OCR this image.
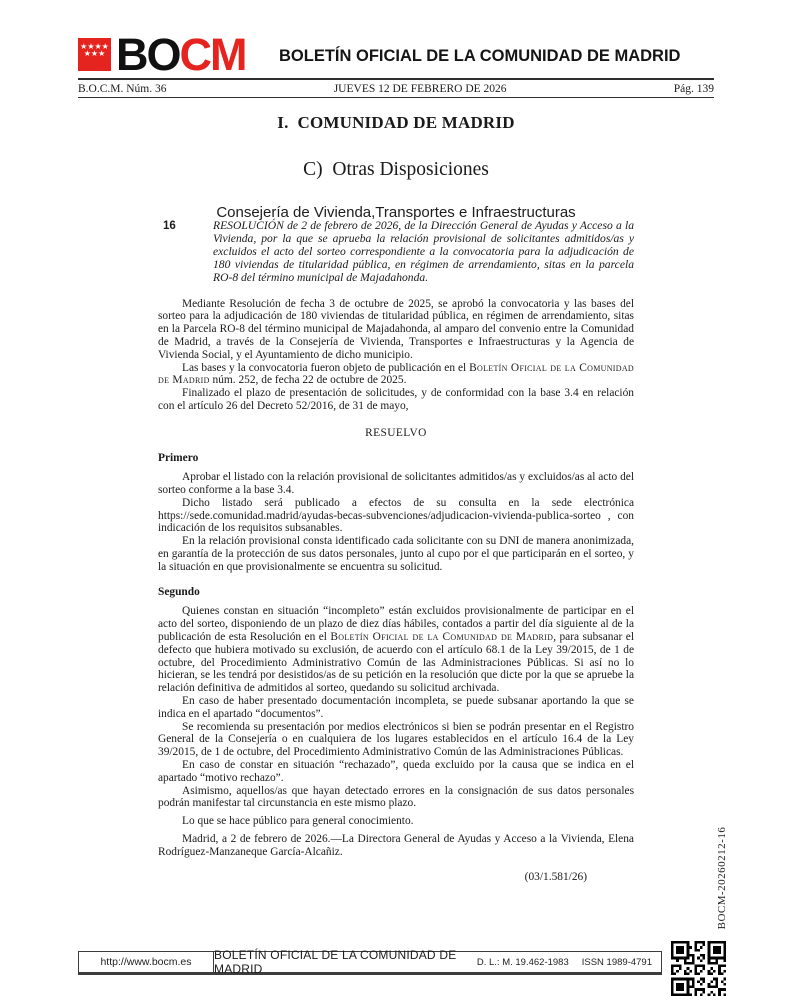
★★★★
★★★ BOCM	BOLETÍN OFICIAL DE LA COMUNIDAD DE MADRID
B.O.C.M. Núm. 36	JUEVES 12 DE FEBRERO DE 2026	Pág. 139
I.  COMUNIDAD DE MADRID
C)  Otras Disposiciones
Consejería de Vivienda,Transportes e Infraestructuras
16	RESOLUCIÓN de 2 de febrero de 2026, de la Dirección General de Ayudas y Acceso a la Vivienda, por la que se aprueba la relación provisional de solicitantes admitidos/as y excluidos el acto del sorteo correspondiente a la convocatoria para la adjudicación de 180 viviendas de titularidad pública, en régimen de arrendamiento, sitas en la parcela RO-8 del término municipal de Majadahonda.

Mediante Resolución de fecha 3 de octubre de 2025, se aprobó la convocatoria y las bases del sorteo para la adjudicación de 180 viviendas de titularidad pública, en régimen de arrendamiento, sitas en la Parcela RO-8 del término municipal de Majadahonda, al amparo del convenio entre la Comunidad de Madrid, a través de la Consejería de Vivienda, Transportes e Infraestructuras y la Agencia de Vivienda Social, y el Ayuntamiento de dicho municipio.

Las bases y la convocatoria fueron objeto de publicación en el Boletín Oficial de la Comunidad de Madrid núm. 252, de fecha 22 de octubre de 2025.

Finalizado el plazo de presentación de solicitudes, y de conformidad con la base 3.4 en relación con el artículo 26 del Decreto 52/2016, de 31 de mayo,

RESUELVO

Primero

Aprobar el listado con la relación provisional de solicitantes admitidos/as y excluidos/as al acto del sorteo conforme a la base 3.4.

Dicho listado será publicado a efectos de su consulta en la sede electrónica https://sede.comunidad.madrid/ayudas-becas-subvenciones/adjudicacion-vivienda-publica-sorteo , con indicación de los requisitos subsanables.

En la relación provisional consta identificado cada solicitante con su DNI de manera anonimizada, en garantía de la protección de sus datos personales, junto al cupo por el que participarán en el sorteo, y la situación en que provisionalmente se encuentra su solicitud.

Segundo

Quienes constan en situación “incompleto” están excluidos provisionalmente de participar en el acto del sorteo, disponiendo de un plazo de diez días hábiles, contados a partir del día siguiente al de la publicación de esta Resolución en el Boletín Oficial de la Comunidad de Madrid, para subsanar el defecto que hubiera motivado su exclusión, de acuerdo con el artículo 68.1 de la Ley 39/2015, de 1 de octubre, del Procedimiento Administrativo Común de las Administraciones Públicas. Si así no lo hicieran, se les tendrá por desistidos/as de su petición en la resolución que dicte por la que se apruebe la relación definitiva de admitidos al sorteo, quedando su solicitud archivada.

En caso de haber presentado documentación incompleta, se puede subsanar aportando la que se indica en el apartado “documentos”.

Se recomienda su presentación por medios electrónicos si bien se podrán presentar en el Registro General de la Consejería o en cualquiera de los lugares establecidos en el artículo 16.4 de la Ley 39/2015, de 1 de octubre, del Procedimiento Administrativo Común de las Administraciones Públicas.

En caso de constar en situación “rechazado”, queda excluido por la causa que se indica en el apartado “motivo rechazo”.

Asimismo, aquellos/as que hayan detectado errores en la consignación de sus datos personales podrán manifestar tal circunstancia en este mismo plazo.

Lo que se hace público para general conocimiento.

Madrid, a 2 de febrero de 2026.—La Directora General de Ayudas y Acceso a la Vivienda, Elena Rodríguez-Manzaneque García-Alcañiz.

(03/1.581/26)	BOCM-20260212-16
http://www.bocm.es	BOLETÍN OFICIAL DE LA COMUNIDAD DE MADRID	D. L.: M. 19.462-1983 ISSN 1989-4791
